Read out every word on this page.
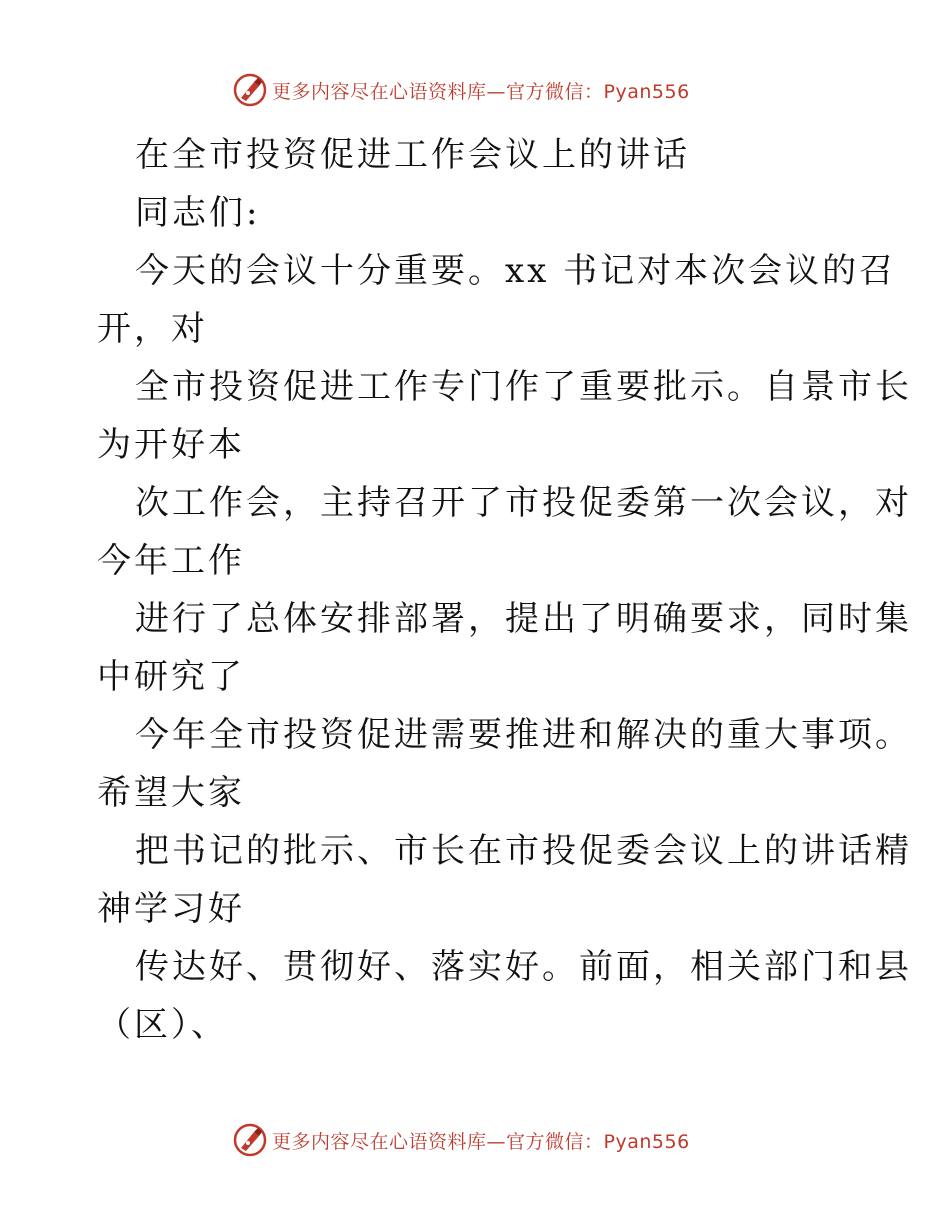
更多内容尽在心语资料库—官方微信：Pyan556
在全市投资促进工作会议上的讲话
同志们:
今天的会议十分重要。xx 书记对本次会议的召
开，对
全市投资促进工作专门作了重要批示。自景市长
为开好本
次工作会，主持召开了市投促委第一次会议，对
今年工作
进行了总体安排部署，提出了明确要求，同时集
中研究了
今年全市投资促进需要推进和解决的重大事项。
希望大家
把书记的批示、市长在市投促委会议上的讲话精
神学习好
传达好、贯彻好、落实好。前面，相关部门和县
（区）、
更多内容尽在心语资料库—官方微信：Pyan556
